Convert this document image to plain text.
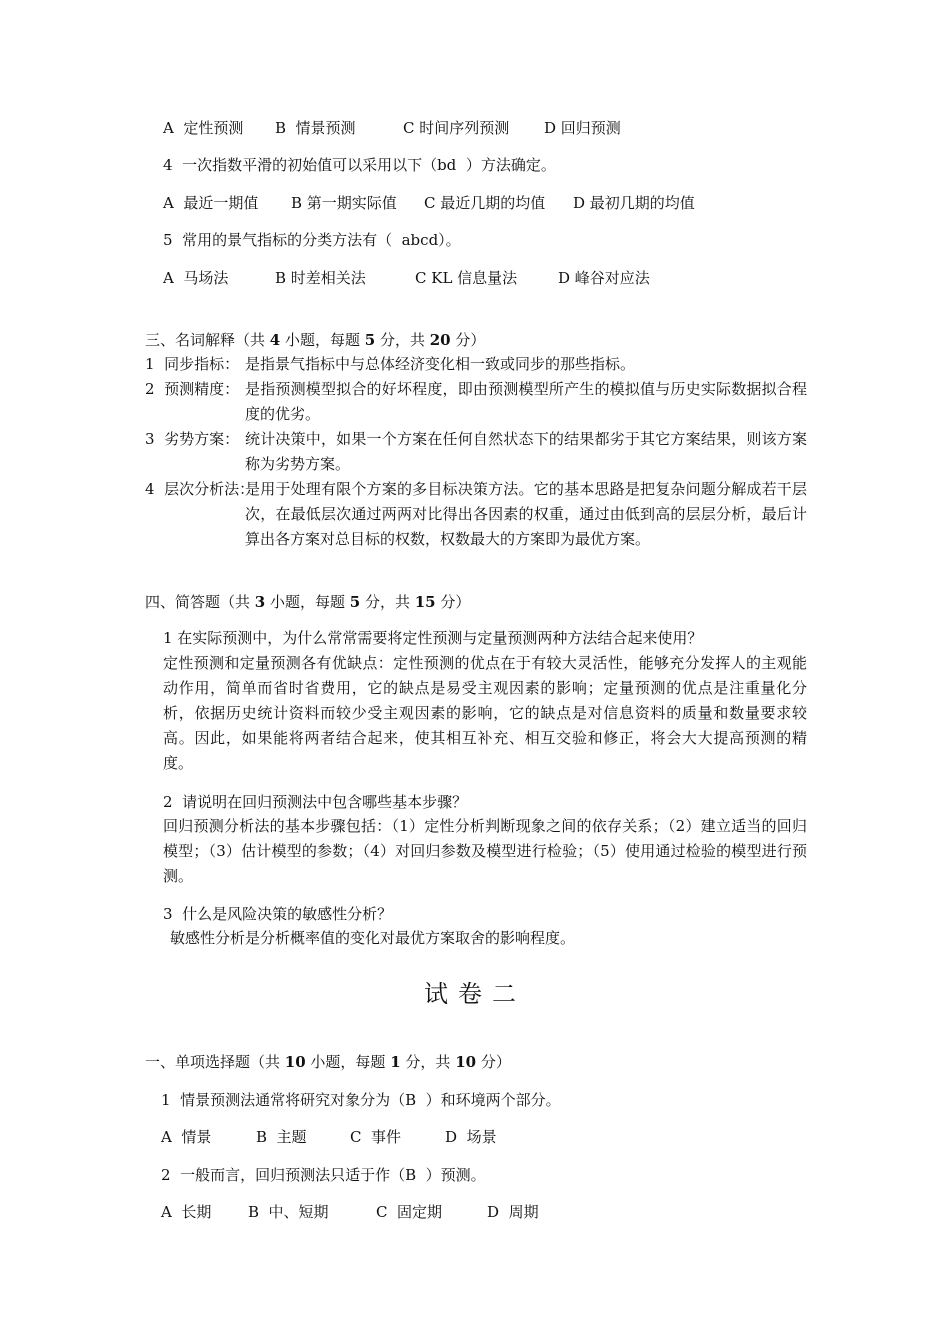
A  定性预测 B  情景预测	C 时间序列预测 D 回归预测
4  一次指数平滑的初始值可以采用以下（bd  ）方法确定。
A  最近一期值 B 第一期实际值 C 最近几期的均值 D 最初几期的均值
5  常用的景气指标的分类方法有（  abcd）。
A  马场法	B 时差相关法	C KL 信息量法	D 峰谷对应法
三、名词解释（共 4 小题，每题 5 分，共 20 分）
1  同步指标： 是指景气指标中与总体经济变化相一致或同步的那些指标。
2  预测精度： 是指预测模型拟合的好坏程度，即由预测模型所产生的模拟值与历史实际数据拟合程度的优劣。
3  劣势方案： 统计决策中，如果一个方案在任何自然状态下的结果都劣于其它方案结果，则该方案称为劣势方案。
4  层次分析法：
是用于处理有限个方案的多目标决策方法。它的基本思路是把复杂问题分解成若干层次，在最低层次通过两两对比得出各因素的权重，通过由低到高的层层分析，最后计算出各方案对总目标的权数，权数最大的方案即为最优方案。
四、简答题（共 3 小题，每题 5 分，共 15 分）
1 在实际预测中，为什么常常需要将定性预测与定量预测两种方法结合起来使用？
定性预测和定量预测各有优缺点：定性预测的优点在于有较大灵活性，能够充分发挥人的主观能动作用，简单而省时省费用，它的缺点是易受主观因素的影响；定量预测的优点是注重量化分析，依据历史统计资料而较少受主观因素的影响，它的缺点是对信息资料的质量和数量要求较高。因此，如果能将两者结合起来，使其相互补充、相互交验和修正，将会大大提高预测的精度。
2  请说明在回归预测法中包含哪些基本步骤？
回归预测分析法的基本步骤包括：（1）定性分析判断现象之间的依存关系；（2）建立适当的回归模型；（3）估计模型的参数；（4）对回归参数及模型进行检验；（5）使用通过检验的模型进行预测。
3  什么是风险决策的敏感性分析？
敏感性分析是分析概率值的变化对最优方案取舍的影响程度。
试卷二
一、单项选择题（共 10 小题，每题 1 分，共 10 分）
1  情景预测法通常将研究对象分为（B  ）和环境两个部分。
A  情景	B  主题	C  事件	D  场景
2  一般而言，回归预测法只适于作（B  ）预测。
A  长期 B  中、短期	C  固定期	D  周期
